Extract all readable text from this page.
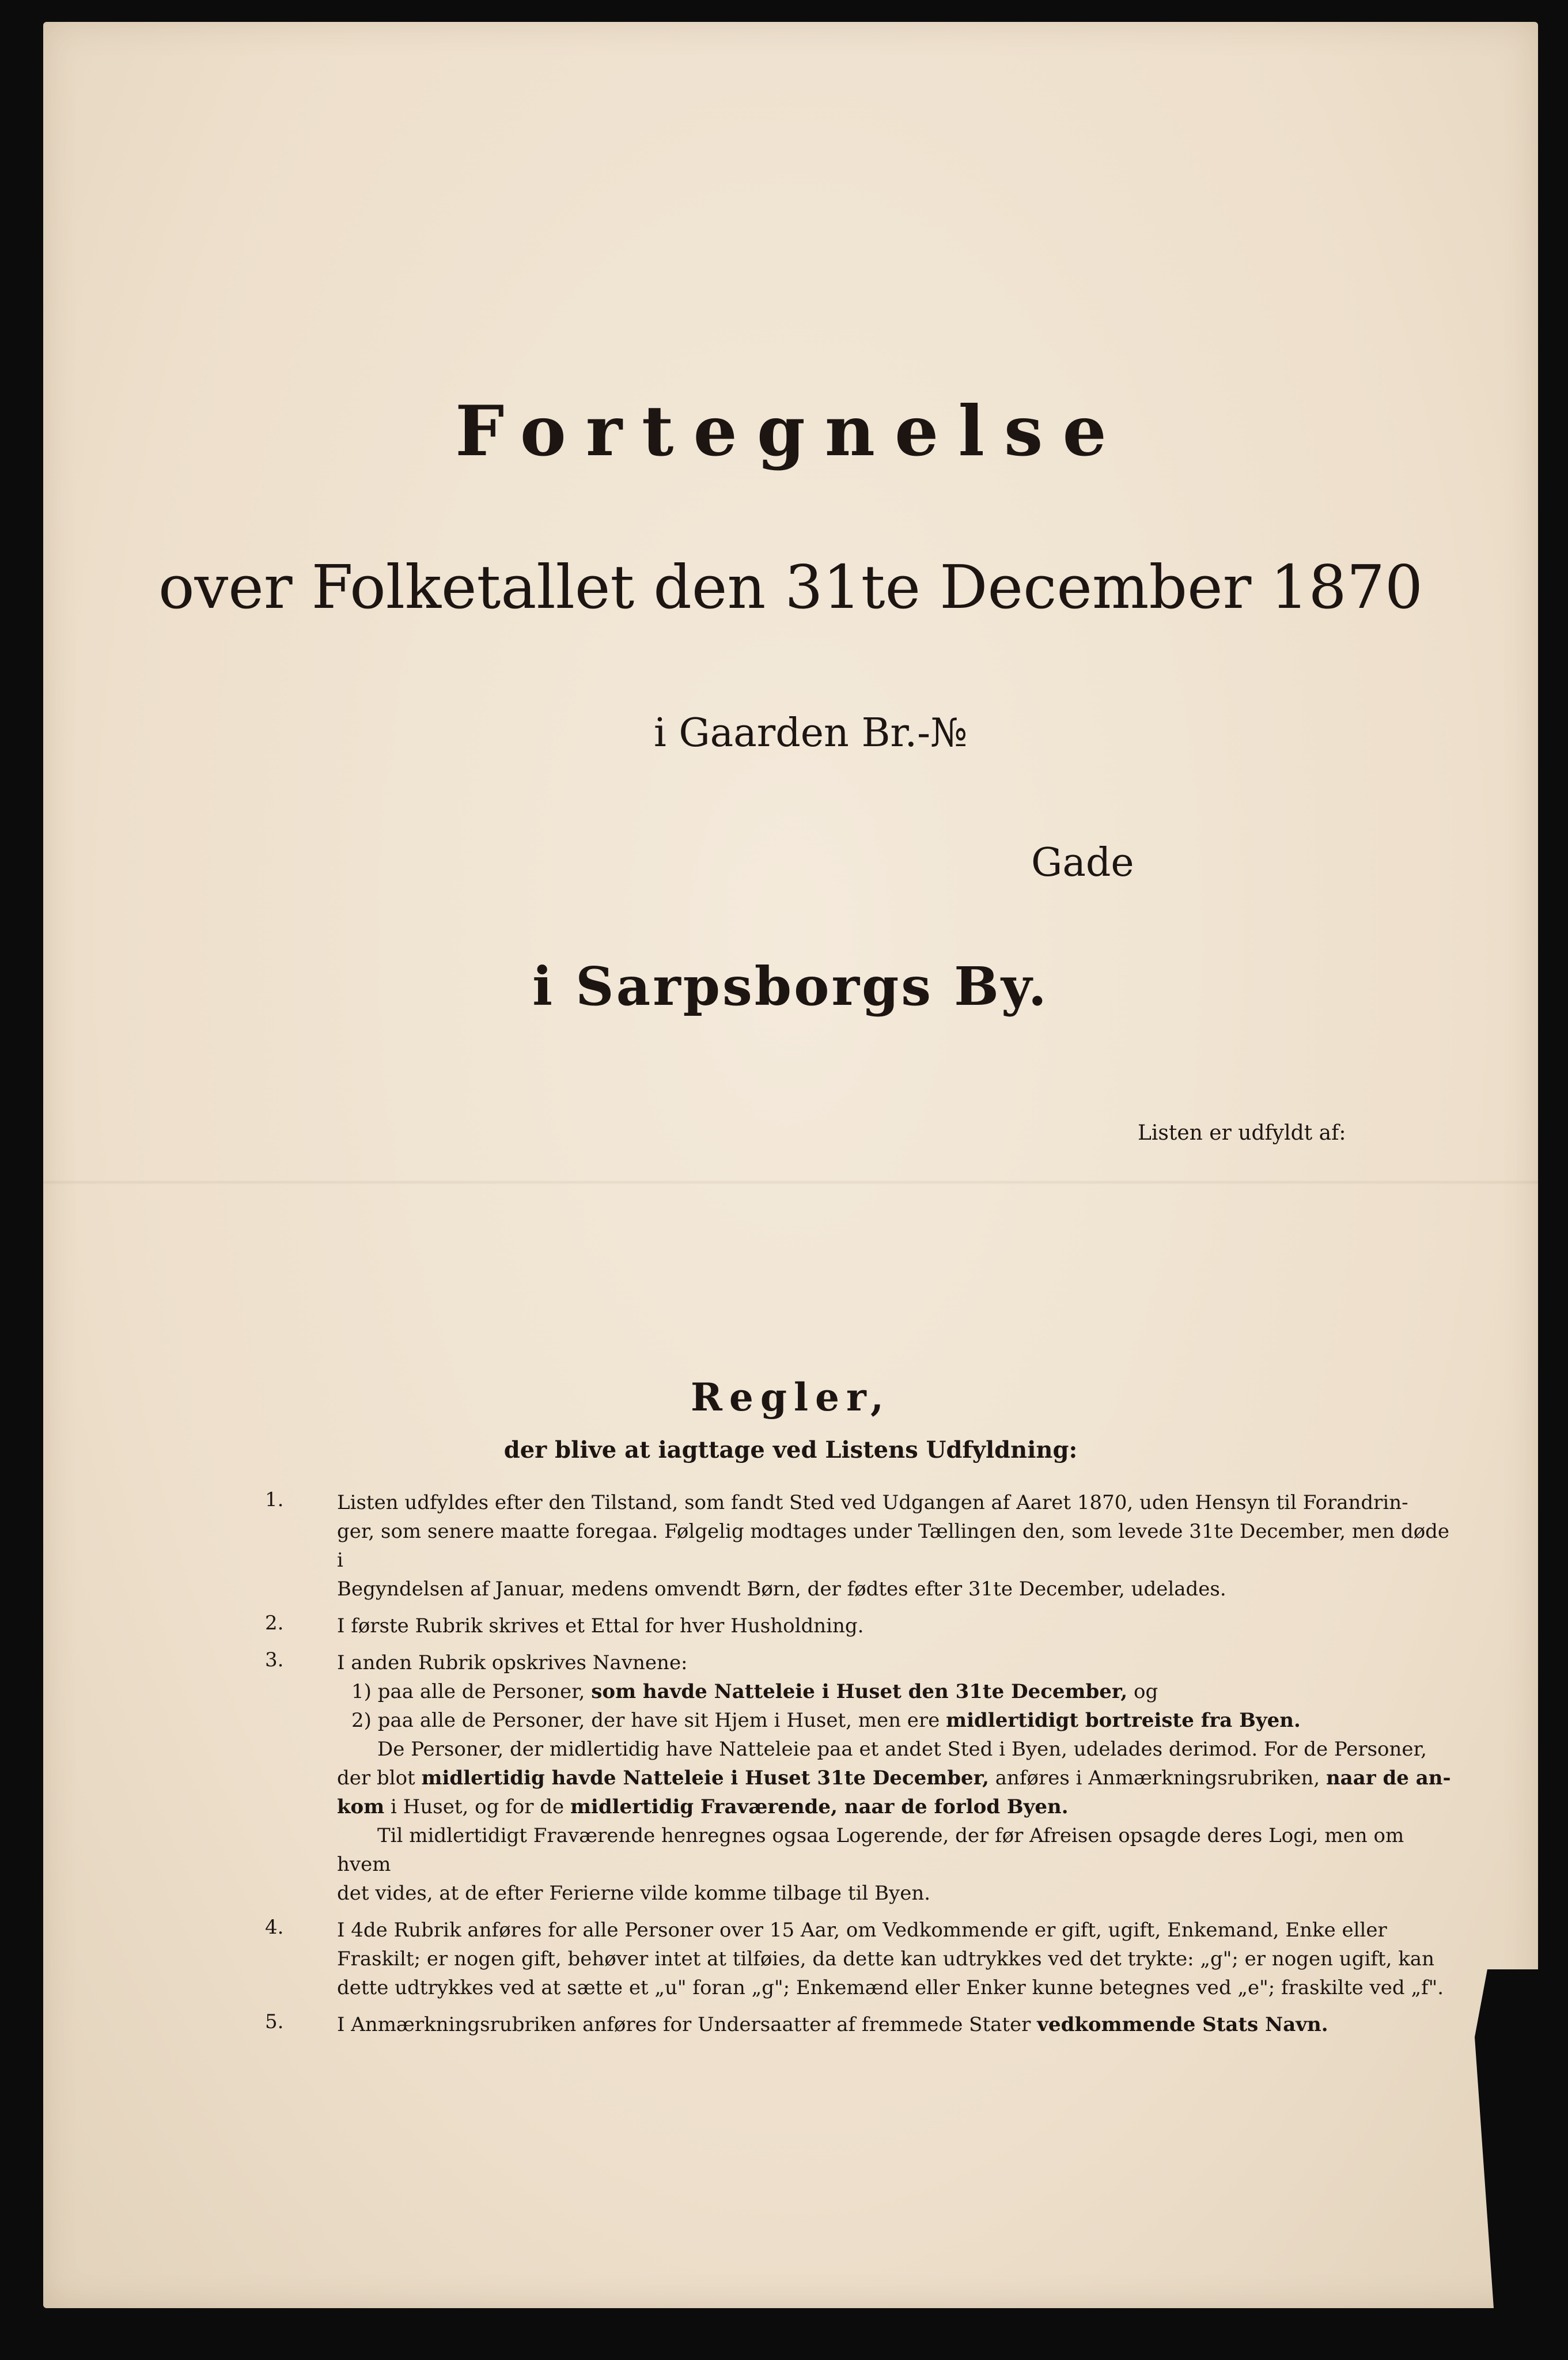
Fortegnelse
over Folketallet den 31te December 1870
i Gaarden Br.-№
Gade
i Sarpsborgs By.
Listen er udfyldt af:
Regler,
der blive at iagttage ved Listens Udfyldning:
1.	Listen udfyldes efter den Tilstand, som fandt Sted ved Udgangen af Aaret 1870, uden Hensyn til Forandrin-
ger, som senere maatte foregaa. Følgelig modtages under Tællingen den, som levede 31te December, men døde i
Begyndelsen af Januar, medens omvendt Børn, der fødtes efter 31te December, udelades.
2.	I første Rubrik skrives et Ettal for hver Husholdning.
3.	I anden Rubrik opskrives Navnene:
1) paa alle de Personer, som havde Natteleie i Huset den 31te December, og
2) paa alle de Personer, der have sit Hjem i Huset, men ere midlertidigt bortreiste fra Byen.
De Personer, der midlertidig have Natteleie paa et andet Sted i Byen, udelades derimod. For de Personer,
der blot midlertidig havde Natteleie i Huset 31te December, anføres i Anmærkningsrubriken, naar de an-
kom i Huset, og for de midlertidig Fraværende, naar de forlod Byen.
Til midlertidigt Fraværende henregnes ogsaa Logerende, der før Afreisen opsagde deres Logi, men om hvem
det vides, at de efter Ferierne vilde komme tilbage til Byen.
4.	I 4de Rubrik anføres for alle Personer over 15 Aar, om Vedkommende er gift, ugift, Enkemand, Enke eller
Fraskilt; er nogen gift, behøver intet at tilføies, da dette kan udtrykkes ved det trykte: „g"; er nogen ugift, kan
dette udtrykkes ved at sætte et „u" foran „g"; Enkemænd eller Enker kunne betegnes ved „e"; fraskilte ved „f".
5.	I Anmærkningsrubriken anføres for Undersaatter af fremmede Stater vedkommende Stats Navn.
